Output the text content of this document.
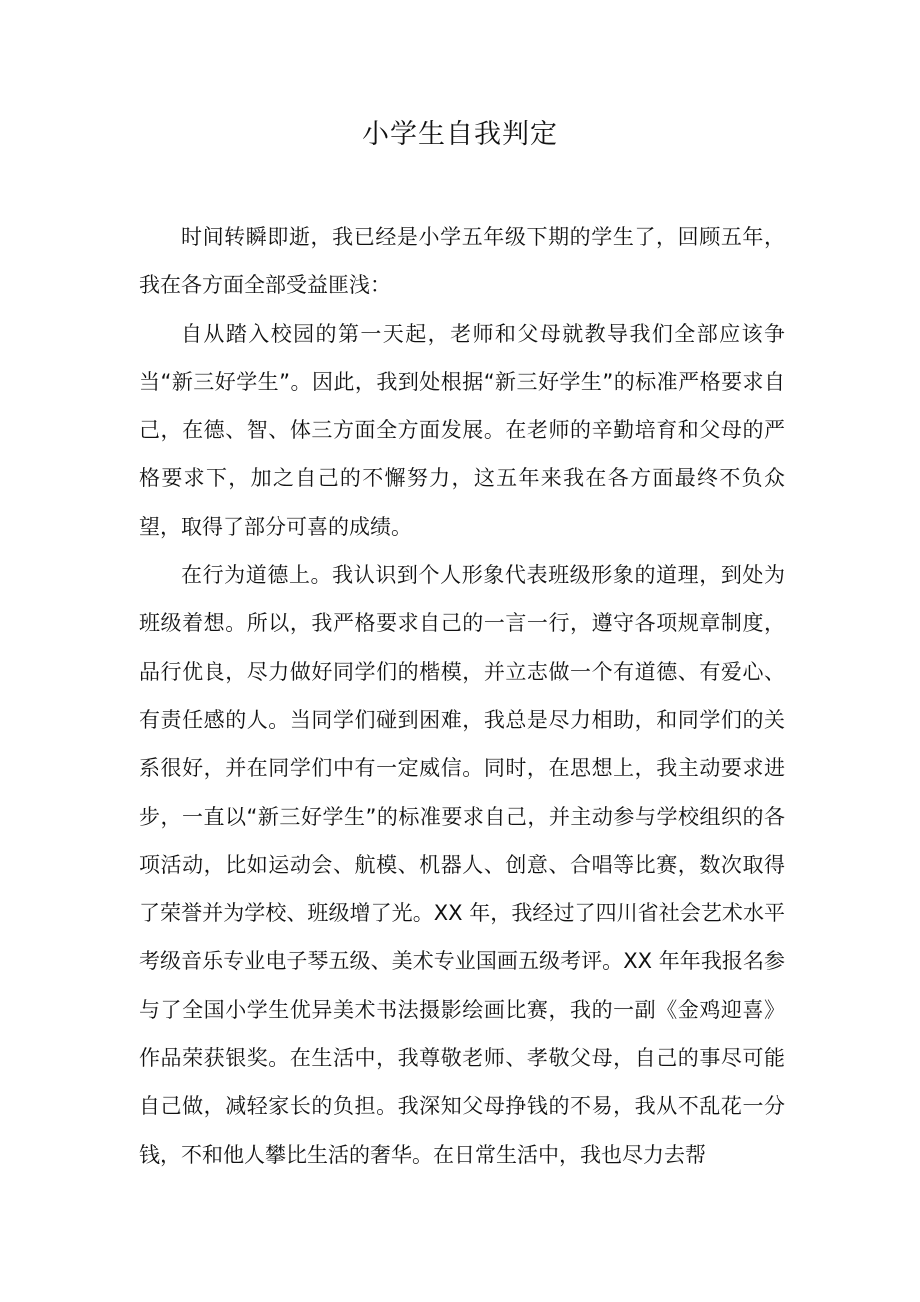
小学生自我判定

时间转瞬即逝，我已经是小学五年级下期的学生了，回顾五年，我在各方面全部受益匪浅：

自从踏入校园的第一天起，老师和父母就教导我们全部应该争当“新三好学生”。因此，我到处根据“新三好学生”的标准严格要求自己，在德、智、体三方面全方面发展。在老师的辛勤培育和父母的严格要求下，加之自己的不懈努力，这五年来我在各方面最终不负众望，取得了部分可喜的成绩。

在行为道德上。我认识到个人形象代表班级形象的道理，到处为班级着想。所以，我严格要求自己的一言一行，遵守各项规章制度，品行优良，尽力做好同学们的楷模，并立志做一个有道德、有爱心、有责任感的人。当同学们碰到困难，我总是尽力相助，和同学们的关系很好，并在同学们中有一定威信。同时，在思想上，我主动要求进步，一直以“新三好学生”的标准要求自己，并主动参与学校组织的各项活动，比如运动会、航模、机器人、创意、合唱等比赛，数次取得了荣誉并为学校、班级增了光。XX 年，我经过了四川省社会艺术水平考级音乐专业电子琴五级、美术专业国画五级考评。XX 年年我报名参与了全国小学生优异美术书法摄影绘画比赛，我的一副《金鸡迎喜》作品荣获银奖。在生活中，我尊敬老师、孝敬父母，自己的事尽可能自己做，减轻家长的负担。我深知父母挣钱的不易，我从不乱花一分钱，不和他人攀比生活的奢华。在日常生活中，我也尽力去帮
